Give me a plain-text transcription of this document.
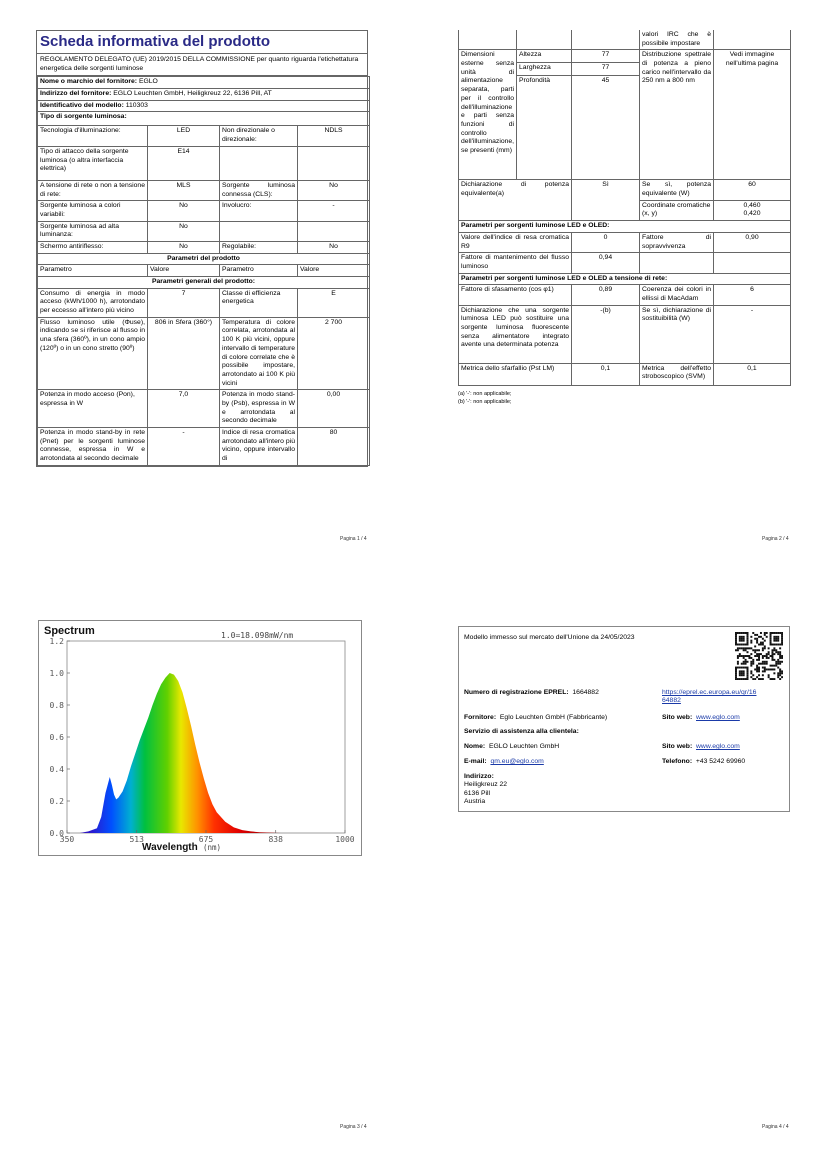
Scheda informativa del prodotto
REGOLAMENTO DELEGATO (UE) 2019/2015 DELLA COMMISSIONE per quanto riguarda l'etichettatura energetica delle sorgenti luminose
Nome o marchio del fornitore: EGLO			
Indirizzo del fornitore: EGLO Leuchten GmbH, Heiligkreuz 22, 6136 Pill, AT			
Identificativo del modello: 110303			
Tipo di sorgente luminosa:			
Tecnologia d'illuminazione:	LED	Non direzionale o direzionale:	NDLS
Tipo di attacco della sorgente luminosa (o altra interfaccia elettrica)	E14		
A tensione di rete o non a tensione di rete:	MLS	Sorgente luminosa connessa (CLS):	No
Sorgente luminosa a colori variabili:	No	Involucro:	-
Sorgente luminosa ad alta luminanza:	No		
Schermo antiriflesso:	No	Regolabile:	No
Parametri del prodotto			
Parametro	Valore	Parametro	Valore
Parametri generali del prodotto:			
Consumo di energia in modo acceso (kWh/1000 h), arrotondato per eccesso all'intero più vicino	7	Classe di efficienza energetica	E
Flusso luminoso utile (Φuse), indicando se si riferisce al flusso in una sfera (360º), in un cono ampio (120º) o in un cono stretto (90º)	806 in Sfera (360°)	Temperatura di colore correlata, arrotondata al 100 K più vicini, oppure intervallo di temperature di colore correlate che è possibile impostare, arrotondato ai 100 K più vicini	2 700
Potenza in modo acceso (Pon), espressa in W	7,0	Potenza in modo stand-by (Psb), espressa in W e arrotondata al secondo decimale	0,00
Potenza in modo stand-by in rete (Pnet) per le sorgenti luminose connesse, espressa in W e arrotondata al secondo decimale	-	Indice di resa cromatica arrotondato all'intero più vicino, oppure intervallo di	80
Pagina 1 / 4
			valori IRC che è possibile impostare	
Dimensioni esterne senza unità di alimentazione separata, parti per il controllo dell'illuminazione e parti senza funzioni di controllo dell'illuminazione, se presenti (mm)	Altezza	77	Distribuzione spettrale di potenza a pieno carico nell'intervallo da 250 nm a 800 nm	Vedi immagine nell'ultima pagina
	Larghezza	77		
	Profondità	45		
Dichiarazione di potenza equivalente(a)		Sì	Se sì, potenza equivalente (W)	60
			Coordinate cromatiche (x, y)	0,460
0,420

Parametri per sorgenti luminose LED e OLED:				
Valore dell'indice di resa cromatica R9		0	Fattore di sopravvivenza	0,90
Fattore di mantenimento del flusso luminoso		0,94		
Parametri per sorgenti luminose LED e OLED a tensione di rete:				
Fattore di sfasamento (cos φ1)		0,89	Coerenza dei colori in ellissi di MacAdam	6
Dichiarazione che una sorgente luminosa LED può sostituire una sorgente luminosa fluorescente senza alimentatore integrato avente una determinata potenza		-(b)	Se sì, dichiarazione di sostituibilità (W)	-
Metrica dello sfarfallio (Pst LM)		0,1	Metrica dell'effetto stroboscopico (SVM)	0,1
(a) '-': non applicabile;
(b) '-': non applicabile;
Pagina 2 / 4
0.0
0.2
0.4
0.6
0.8
1.0
1.2
350	513	675	838	1000
Spectrum	1.0=18.098mW/nm
Wavelength (nm)
Pagina 3 / 4
Modello immesso sul mercato dell'Unione da 24/05/2023
Numero di registrazione EPREL: 1664882	https://eprel.ec.europa.eu/qr/16
64882
Fornitore: Eglo Leuchten GmbH (Fabbricante)	Sito web: www.eglo.com
Servizio di assistenza alla clientela:
Nome: EGLO Leuchten GmbH	Sito web: www.eglo.com
E-mail: qm.eu@eglo.com	Telefono: +43 5242 69960
Indirizzo:
Heiligkreuz 22
6136 Pill
Austria
Pagina 4 / 4
